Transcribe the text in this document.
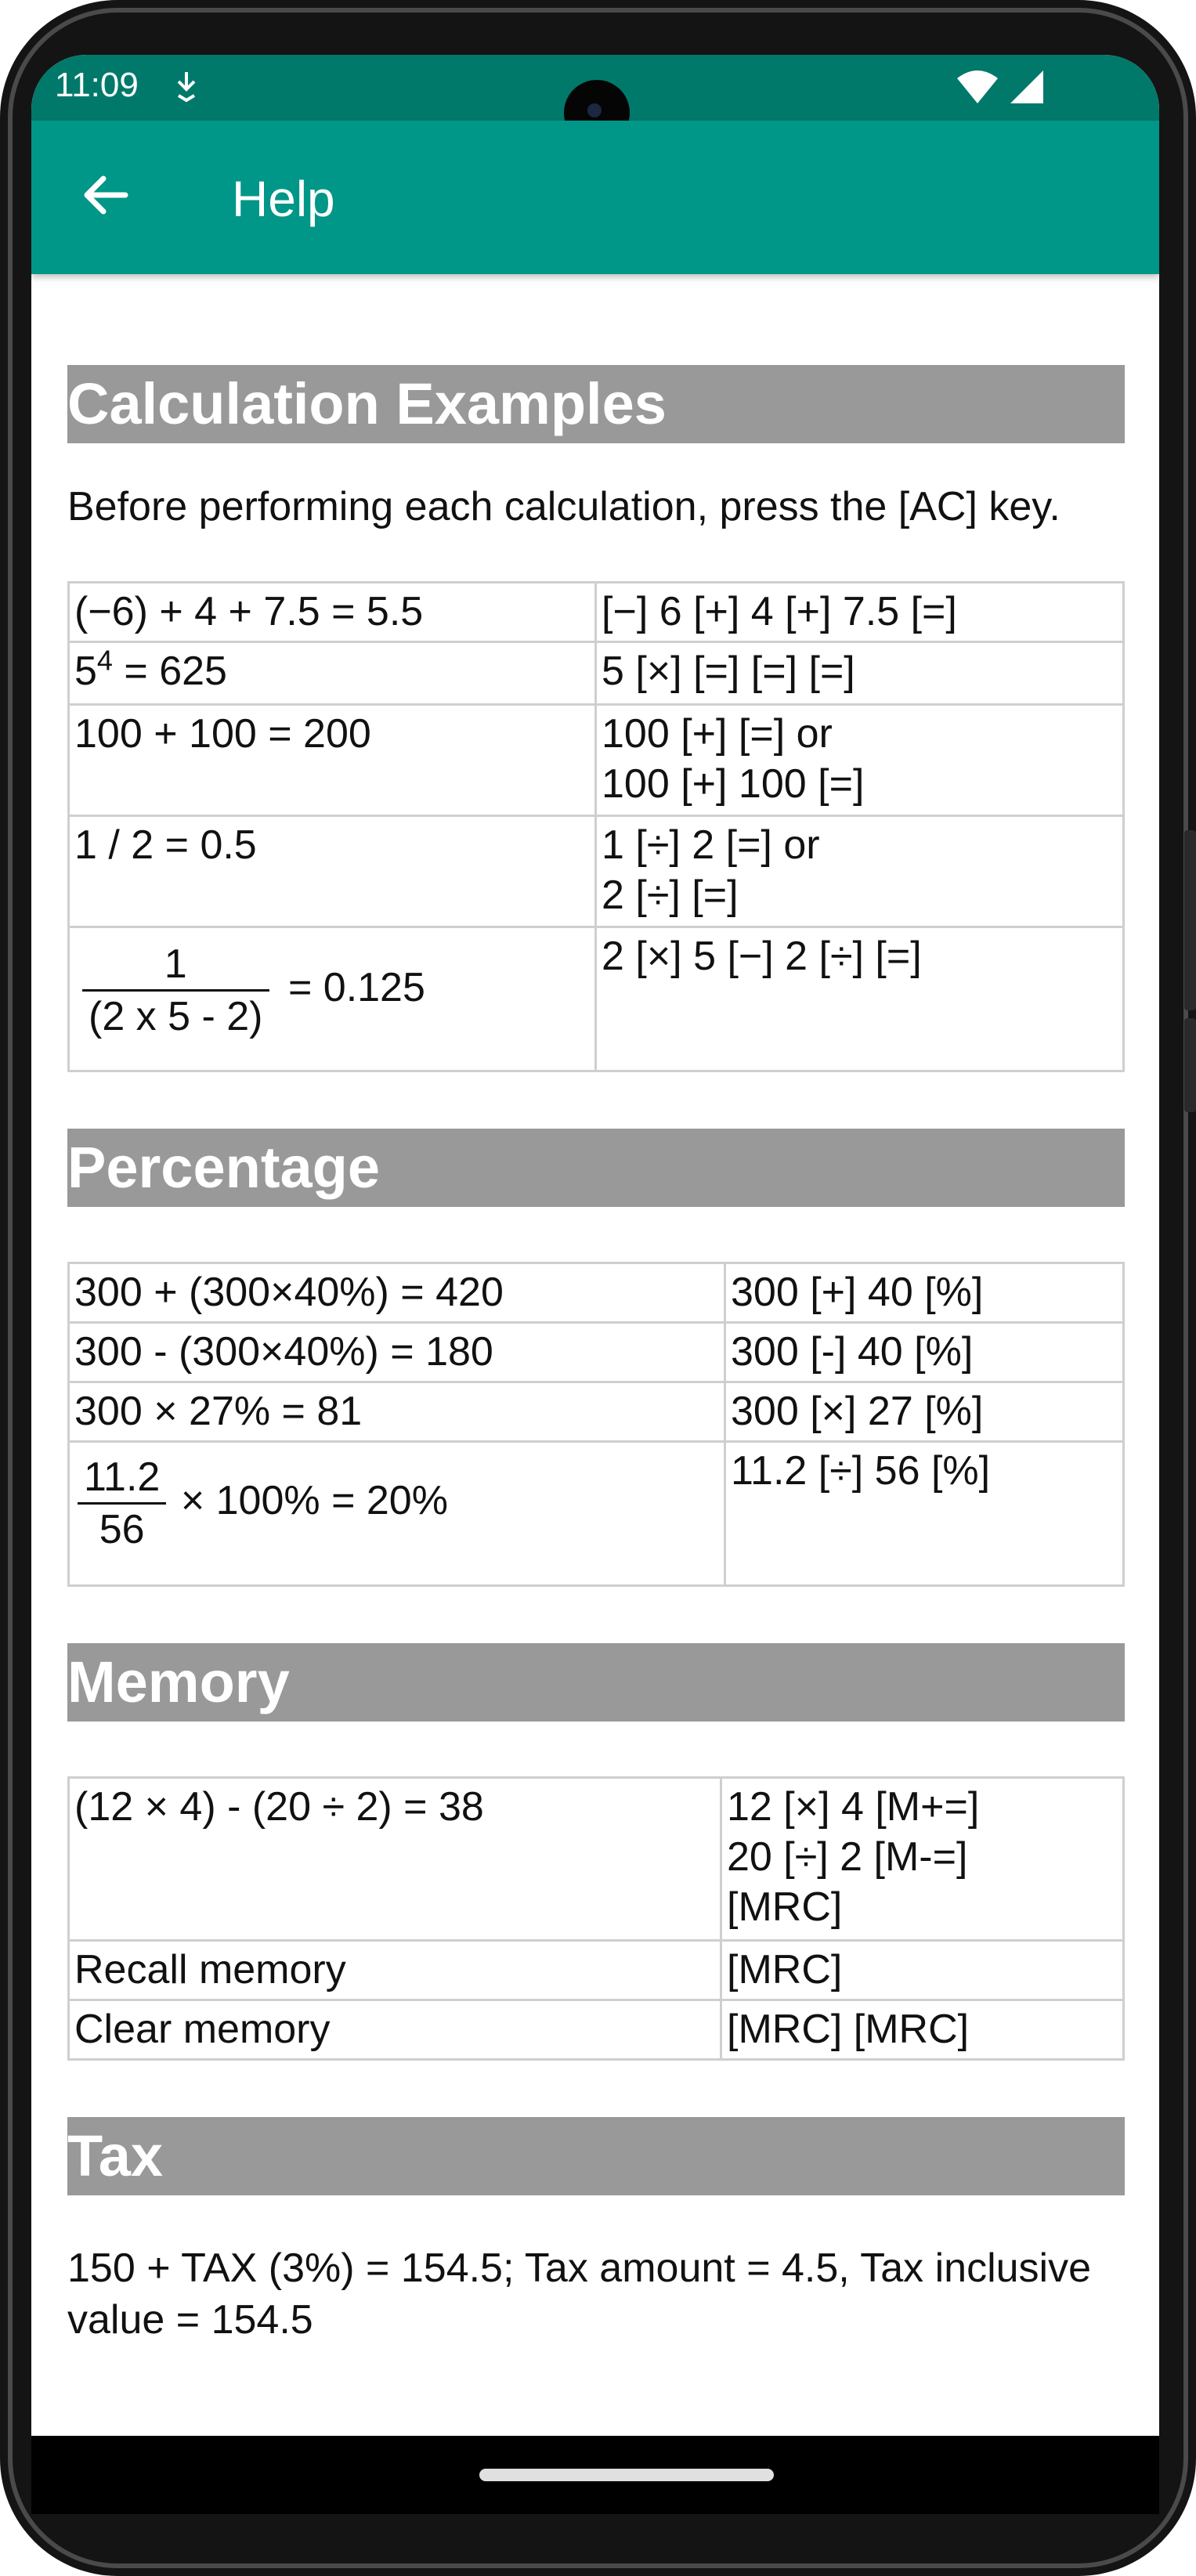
11:09
Help
Calculation Examples

Before performing each calculation, press the [AC] key.

(−6) + 4 + 7.5 = 5.5	[−] 6 [+] 4 [+] 7.5 [=]
$5^4 = 625$	5 [×] [=] [=] [=]
100 + 100 = 200	100 [+] [=] or
100 [+] 100 [=]

1 / 2 = 0.5	1 [÷] 2 [=] or
2 [÷] [=]

$\frac{1}{(2 x 5 - 2)} = 0.125$	2 [×] 5 [−] 2 [÷] [=]
Percentage
300 + (300×40%) = 420	300 [+] 40 [%]
300 - (300×40%) = 180	300 [-] 40 [%]
300 × 27% = 81	300 [×] 27 [%]

$\frac{11.2}{56} \times 100\% = 20\%$	11.2 [÷] 56 [%]
Memory
(12 × 4) - (20 ÷ 2) = 38	12 [×] 4 [M+=]
20 [÷] 2 [M-=]
[MRC]

Recall memory	[MRC]
Clear memory	[MRC] [MRC]
Tax

150 + TAX (3%) = 154.5; Tax amount = 4.5, Tax inclusive value = 154.5
